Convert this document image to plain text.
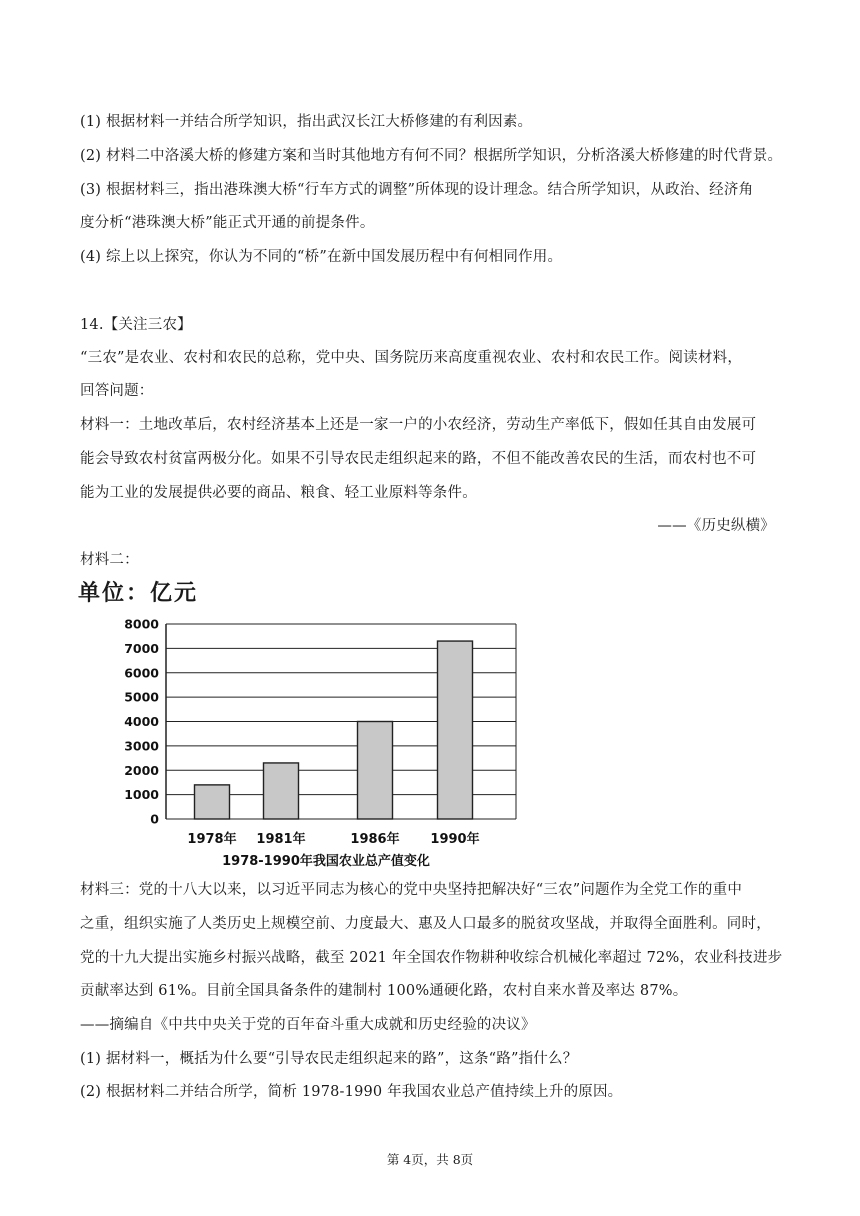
(1) 根据材料一并结合所学知识，指出武汉长江大桥修建的有利因素。
(2) 材料二中洛溪大桥的修建方案和当时其他地方有何不同？根据所学知识，分析洛溪大桥修建的时代背景。
(3) 根据材料三，指出港珠澳大桥“行车方式的调整”所体现的设计理念。结合所学知识，从政治、经济角
度分析“港珠澳大桥”能正式开通的前提条件。
(4) 综上以上探究，你认为不同的“桥”在新中国发展历程中有何相同作用。
14.【关注三农】
“三农”是农业、农村和农民的总称，党中央、国务院历来高度重视农业、农村和农民工作。阅读材料，
回答问题：
材料一：土地改革后，农村经济基本上还是一家一户的小农经济，劳动生产率低下，假如任其自由发展可
能会导致农村贫富两极分化。如果不引导农民走组织起来的路，不但不能改善农民的生活，而农村也不可
能为工业的发展提供必要的商品、粮食、轻工业原料等条件。
——《历史纵横》
材料二：
单位：亿元
0
1000
2000
3000
4000
5000
6000
7000
8000
1978年 1981年	1986年 1990年
1978-1990年我国农业总产值变化
材料三：党的十八大以来，以习近平同志为核心的党中央坚持把解决好“三农”问题作为全党工作的重中
之重，组织实施了人类历史上规模空前、力度最大、惠及人口最多的脱贫攻坚战，并取得全面胜利。同时，
党的十九大提出实施乡村振兴战略，截至 2021 年全国农作物耕种收综合机械化率超过 72%，农业科技进步
贡献率达到 61%。目前全国具备条件的建制村 100%通硬化路，农村自来水普及率达 87%。
——摘编自《中共中央关于党的百年奋斗重大成就和历史经验的决议》
(1) 据材料一，概括为什么要“引导农民走组织起来的路”，这条“路”指什么？
(2) 根据材料二并结合所学，简析 1978-1990 年我国农业总产值持续上升的原因。
第 4页，共 8页
